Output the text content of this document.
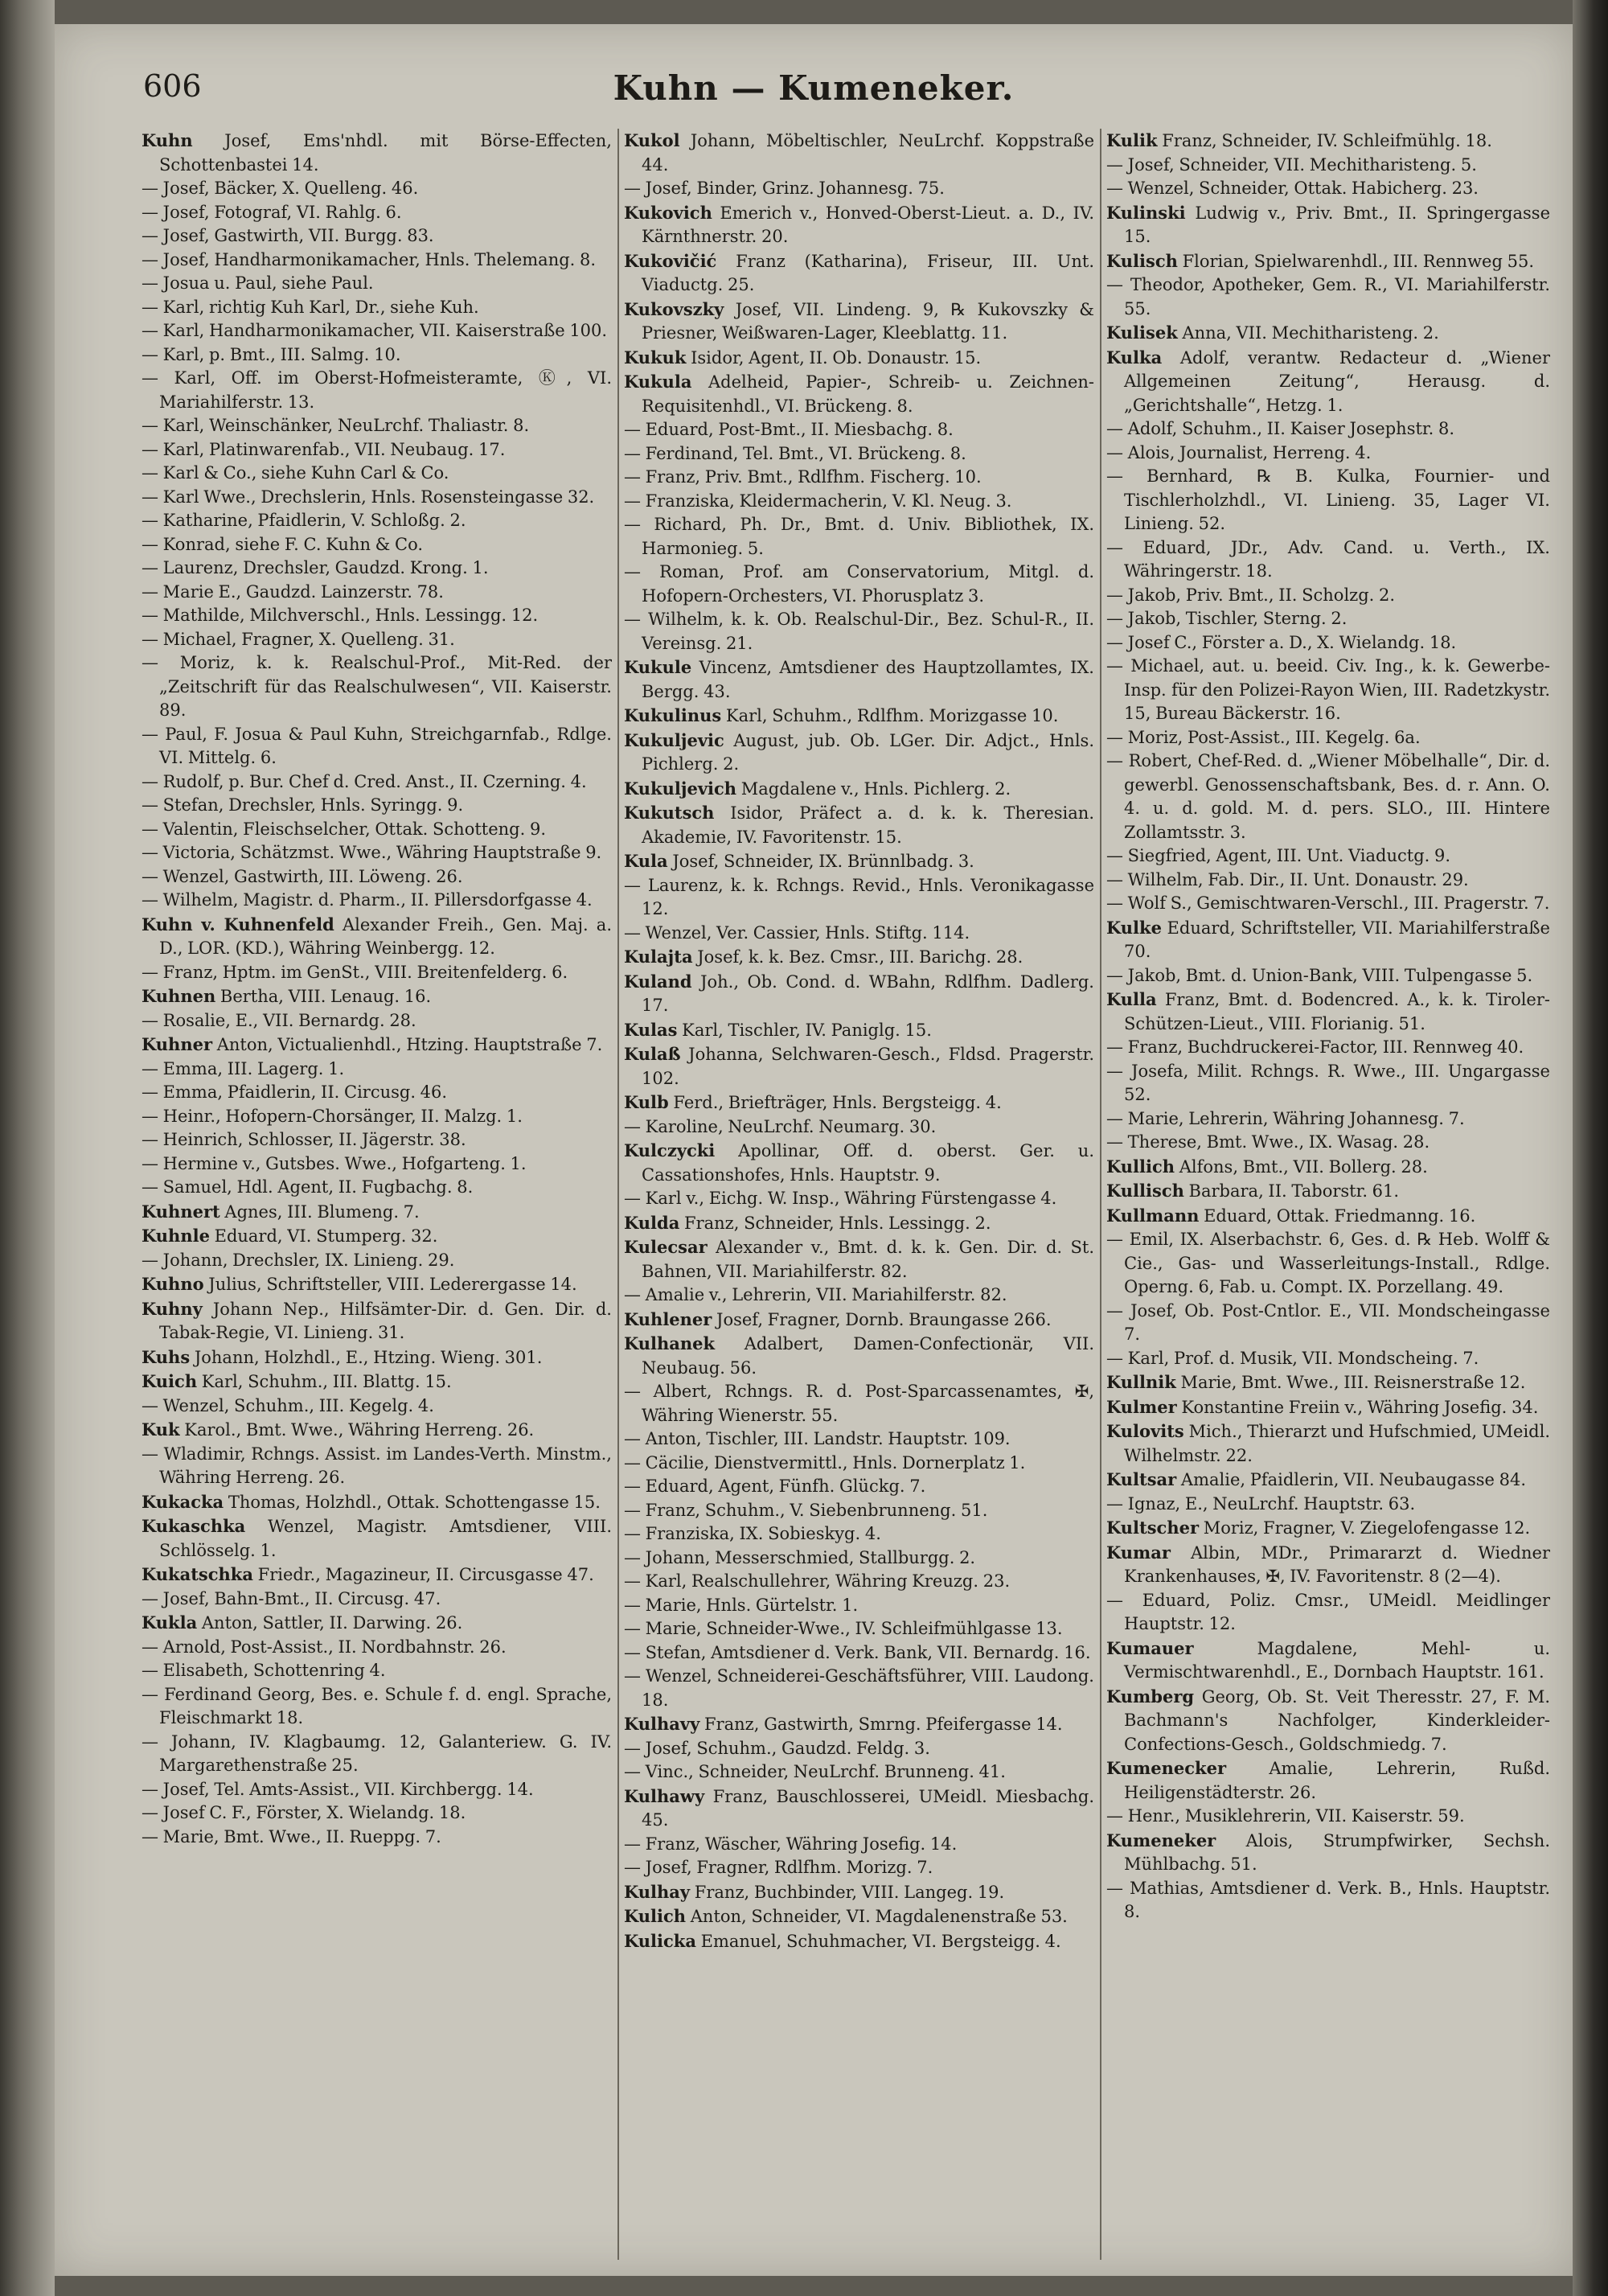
606	Kuhn — Kumeneker.

Kuhn Josef, Ems'nhdl. mit Börse-Effecten, Schottenbastei 14.

— Josef, Bäcker, X. Quelleng. 46.

— Josef, Fotograf, VI. Rahlg. 6.

— Josef, Gastwirth, VII. Burgg. 83.

— Josef, Handharmonikamacher, Hnls. Thelemang. 8.

— Josua u. Paul, siehe Paul.

— Karl, richtig Kuh Karl, Dr., siehe Kuh.

— Karl, Handharmonikamacher, VII. Kaiserstraße 100.

— Karl, p. Bmt., III. Salmg. 10.

— Karl, Off. im Oberst-Hofmeisteramte, Ⓚ, VI. Mariahilferstr. 13.

— Karl, Weinschänker, NeuLrchf. Thaliastr. 8.

— Karl, Platinwarenfab., VII. Neubaug. 17.

— Karl & Co., siehe Kuhn Carl & Co.

— Karl Wwe., Drechslerin, Hnls. Rosensteingasse 32.

— Katharine, Pfaidlerin, V. Schloßg. 2.

— Konrad, siehe F. C. Kuhn & Co.

— Laurenz, Drechsler, Gaudzd. Krong. 1.

— Marie E., Gaudzd. Lainzerstr. 78.

— Mathilde, Milchverschl., Hnls. Lessingg. 12.

— Michael, Fragner, X. Quelleng. 31.

— Moriz, k. k. Realschul-Prof., Mit-Red. der „Zeitschrift für das Realschulwesen“, VII. Kaiserstr. 89.

— Paul, F. Josua & Paul Kuhn, Streichgarnfab., Rdlge. VI. Mittelg. 6.

— Rudolf, p. Bur. Chef d. Cred. Anst., II. Czerning. 4.

— Stefan, Drechsler, Hnls. Syringg. 9.

— Valentin, Fleischselcher, Ottak. Schotteng. 9.

— Victoria, Schätzmst. Wwe., Währing Hauptstraße 9.

— Wenzel, Gastwirth, III. Löweng. 26.

— Wilhelm, Magistr. d. Pharm., II. Pillersdorfgasse 4.

Kuhn v. Kuhnenfeld Alexander Freih., Gen. Maj. a. D., LOR. (KD.), Währing Weinbergg. 12.

— Franz, Hptm. im GenSt., VIII. Breitenfelderg. 6.

Kuhnen Bertha, VIII. Lenaug. 16.

— Rosalie, E., VII. Bernardg. 28.

Kuhner Anton, Victualienhdl., Htzing. Hauptstraße 7.

— Emma, III. Lagerg. 1.

— Emma, Pfaidlerin, II. Circusg. 46.

— Heinr., Hofopern-Chorsänger, II. Malzg. 1.

— Heinrich, Schlosser, II. Jägerstr. 38.

— Hermine v., Gutsbes. Wwe., Hofgarteng. 1.

— Samuel, Hdl. Agent, II. Fugbachg. 8.

Kuhnert Agnes, III. Blumeng. 7.

Kuhnle Eduard, VI. Stumperg. 32.

— Johann, Drechsler, IX. Linieng. 29.

Kuhno Julius, Schriftsteller, VIII. Lederergasse 14.

Kuhny Johann Nep., Hilfsämter-Dir. d. Gen. Dir. d. Tabak-Regie, VI. Linieng. 31.

Kuhs Johann, Holzhdl., E., Htzing. Wieng. 301.

Kuich Karl, Schuhm., III. Blattg. 15.

— Wenzel, Schuhm., III. Kegelg. 4.

Kuk Karol., Bmt. Wwe., Währing Herreng. 26.

— Wladimir, Rchngs. Assist. im Landes-Verth. Minstm., Währing Herreng. 26.

Kukacka Thomas, Holzhdl., Ottak. Schottengasse 15.

Kukaschka Wenzel, Magistr. Amtsdiener, VIII. Schlösselg. 1.

Kukatschka Friedr., Magazineur, II. Circusgasse 47.

— Josef, Bahn-Bmt., II. Circusg. 47.

Kukla Anton, Sattler, II. Darwing. 26.

— Arnold, Post-Assist., II. Nordbahnstr. 26.

— Elisabeth, Schottenring 4.

— Ferdinand Georg, Bes. e. Schule f. d. engl. Sprache, Fleischmarkt 18.

— Johann, IV. Klagbaumg. 12, Galanteriew. G. IV. Margarethenstraße 25.

— Josef, Tel. Amts-Assist., VII. Kirchbergg. 14.

— Josef C. F., Förster, X. Wielandg. 18.

— Marie, Bmt. Wwe., II. Rueppg. 7.

Kukol Johann, Möbeltischler, NeuLrchf. Koppstraße 44.

— Josef, Binder, Grinz. Johannesg. 75.

Kukovich Emerich v., Honved-Oberst-Lieut. a. D., IV. Kärnthnerstr. 20.

Kukovičić Franz (Katharina), Friseur, III. Unt. Viaductg. 25.

Kukovszky Josef, VII. Lindeng. 9, ℞ Kukovszky & Priesner, Weißwaren-Lager, Kleeblattg. 11.

Kukuk Isidor, Agent, II. Ob. Donaustr. 15.

Kukula Adelheid, Papier-, Schreib- u. Zeichnen-Requisitenhdl., VI. Brückeng. 8.

— Eduard, Post-Bmt., II. Miesbachg. 8.

— Ferdinand, Tel. Bmt., VI. Brückeng. 8.

— Franz, Priv. Bmt., Rdlfhm. Fischerg. 10.

— Franziska, Kleidermacherin, V. Kl. Neug. 3.

— Richard, Ph. Dr., Bmt. d. Univ. Bibliothek, IX. Harmonieg. 5.

— Roman, Prof. am Conservatorium, Mitgl. d. Hofopern-Orchesters, VI. Phorusplatz 3.

— Wilhelm, k. k. Ob. Realschul-Dir., Bez. Schul-R., II. Vereinsg. 21.

Kukule Vincenz, Amtsdiener des Hauptzollamtes, IX. Bergg. 43.

Kukulinus Karl, Schuhm., Rdlfhm. Morizgasse 10.

Kukuljevic August, jub. Ob. LGer. Dir. Adjct., Hnls. Pichlerg. 2.

Kukuljevich Magdalene v., Hnls. Pichlerg. 2.

Kukutsch Isidor, Präfect a. d. k. k. Theresian. Akademie, IV. Favoritenstr. 15.

Kula Josef, Schneider, IX. Brünnlbadg. 3.

— Laurenz, k. k. Rchngs. Revid., Hnls. Veronikagasse 12.

— Wenzel, Ver. Cassier, Hnls. Stiftg. 114.

Kulajta Josef, k. k. Bez. Cmsr., III. Barichg. 28.

Kuland Joh., Ob. Cond. d. WBahn, Rdlfhm. Dadlerg. 17.

Kulas Karl, Tischler, IV. Paniglg. 15.

Kulaß Johanna, Selchwaren-Gesch., Fldsd. Pragerstr. 102.

Kulb Ferd., Briefträger, Hnls. Bergsteigg. 4.

— Karoline, NeuLrchf. Neumarg. 30.

Kulczycki Apollinar, Off. d. oberst. Ger. u. Cassationshofes, Hnls. Hauptstr. 9.

— Karl v., Eichg. W. Insp., Währing Fürstengasse 4.

Kulda Franz, Schneider, Hnls. Lessingg. 2.

Kulecsar Alexander v., Bmt. d. k. k. Gen. Dir. d. St. Bahnen, VII. Mariahilferstr. 82.

— Amalie v., Lehrerin, VII. Mariahilferstr. 82.

Kuhlener Josef, Fragner, Dornb. Braungasse 266.

Kulhanek Adalbert, Damen-Confectionär, VII. Neubaug. 56.

— Albert, Rchngs. R. d. Post-Sparcassenamtes, ✠, Währing Wienerstr. 55.

— Anton, Tischler, III. Landstr. Hauptstr. 109.

— Cäcilie, Dienstvermittl., Hnls. Dornerplatz 1.

— Eduard, Agent, Fünfh. Glückg. 7.

— Franz, Schuhm., V. Siebenbrunneng. 51.

— Franziska, IX. Sobieskyg. 4.

— Johann, Messerschmied, Stallburgg. 2.

— Karl, Realschullehrer, Währing Kreuzg. 23.

— Marie, Hnls. Gürtelstr. 1.

— Marie, Schneider-Wwe., IV. Schleifmühlgasse 13.

— Stefan, Amtsdiener d. Verk. Bank, VII. Bernardg. 16.

— Wenzel, Schneiderei-Geschäftsführer, VIII. Laudong. 18.

Kulhavy Franz, Gastwirth, Smrng. Pfeifergasse 14.

— Josef, Schuhm., Gaudzd. Feldg. 3.

— Vinc., Schneider, NeuLrchf. Brunneng. 41.

Kulhawy Franz, Bauschlosserei, UMeidl. Miesbachg. 45.

— Franz, Wäscher, Währing Josefig. 14.

— Josef, Fragner, Rdlfhm. Morizg. 7.

Kulhay Franz, Buchbinder, VIII. Langeg. 19.

Kulich Anton, Schneider, VI. Magdalenenstraße 53.

Kulicka Emanuel, Schuhmacher, VI. Bergsteigg. 4.

Kulik Franz, Schneider, IV. Schleifmühlg. 18.

— Josef, Schneider, VII. Mechitharisteng. 5.

— Wenzel, Schneider, Ottak. Habicherg. 23.

Kulinski Ludwig v., Priv. Bmt., II. Springergasse 15.

Kulisch Florian, Spielwarenhdl., III. Rennweg 55.

— Theodor, Apotheker, Gem. R., VI. Mariahilferstr. 55.

Kulisek Anna, VII. Mechitharisteng. 2.

Kulka Adolf, verantw. Redacteur d. „Wiener Allgemeinen Zeitung“, Herausg. d. „Gerichtshalle“, Hetzg. 1.

— Adolf, Schuhm., II. Kaiser Josephstr. 8.

— Alois, Journalist, Herreng. 4.

— Bernhard, ℞ B. Kulka, Fournier- und Tischlerholzhdl., VI. Linieng. 35, Lager VI. Linieng. 52.

— Eduard, JDr., Adv. Cand. u. Verth., IX. Währingerstr. 18.

— Jakob, Priv. Bmt., II. Scholzg. 2.

— Jakob, Tischler, Sterng. 2.

— Josef C., Förster a. D., X. Wielandg. 18.

— Michael, aut. u. beeid. Civ. Ing., k. k. Gewerbe-Insp. für den Polizei-Rayon Wien, III. Radetzkystr. 15, Bureau Bäckerstr. 16.

— Moriz, Post-Assist., III. Kegelg. 6a.

— Robert, Chef-Red. d. „Wiener Möbelhalle“, Dir. d. gewerbl. Genossenschaftsbank, Bes. d. r. Ann. O. 4. u. d. gold. M. d. pers. SLO., III. Hintere Zollamtsstr. 3.

— Siegfried, Agent, III. Unt. Viaductg. 9.

— Wilhelm, Fab. Dir., II. Unt. Donaustr. 29.

— Wolf S., Gemischtwaren-Verschl., III. Pragerstr. 7.

Kulke Eduard, Schriftsteller, VII. Mariahilferstraße 70.

— Jakob, Bmt. d. Union-Bank, VIII. Tulpengasse 5.

Kulla Franz, Bmt. d. Bodencred. A., k. k. Tiroler-Schützen-Lieut., VIII. Florianig. 51.

— Franz, Buchdruckerei-Factor, III. Rennweg 40.

— Josefa, Milit. Rchngs. R. Wwe., III. Ungargasse 52.

— Marie, Lehrerin, Währing Johannesg. 7.

— Therese, Bmt. Wwe., IX. Wasag. 28.

Kullich Alfons, Bmt., VII. Bollerg. 28.

Kullisch Barbara, II. Taborstr. 61.

Kullmann Eduard, Ottak. Friedmanng. 16.

— Emil, IX. Alserbachstr. 6, Ges. d. ℞ Heb. Wolff & Cie., Gas- und Wasserleitungs-Install., Rdlge. Operng. 6, Fab. u. Compt. IX. Porzellang. 49.

— Josef, Ob. Post-Cntlor. E., VII. Mondscheingasse 7.

— Karl, Prof. d. Musik, VII. Mondscheing. 7.

Kullnik Marie, Bmt. Wwe., III. Reisnerstraße 12.

Kulmer Konstantine Freiin v., Währing Josefig. 34.

Kulovits Mich., Thierarzt und Hufschmied, UMeidl. Wilhelmstr. 22.

Kultsar Amalie, Pfaidlerin, VII. Neubaugasse 84.

— Ignaz, E., NeuLrchf. Hauptstr. 63.

Kultscher Moriz, Fragner, V. Ziegelofengasse 12.

Kumar Albin, MDr., Primararzt d. Wiedner Krankenhauses, ✠, IV. Favoritenstr. 8 (2—4).

— Eduard, Poliz. Cmsr., UMeidl. Meidlinger Hauptstr. 12.

Kumauer Magdalene, Mehl- u. Vermischtwarenhdl., E., Dornbach Hauptstr. 161.

Kumberg Georg, Ob. St. Veit Theresstr. 27, F. M. Bachmann's Nachfolger, Kinderkleider-Confections-Gesch., Goldschmiedg. 7.

Kumenecker Amalie, Lehrerin, Rußd. Heiligenstädterstr. 26.

— Henr., Musiklehrerin, VII. Kaiserstr. 59.

Kumeneker Alois, Strumpfwirker, Sechsh. Mühlbachg. 51.

— Mathias, Amtsdiener d. Verk. B., Hnls. Hauptstr. 8.
